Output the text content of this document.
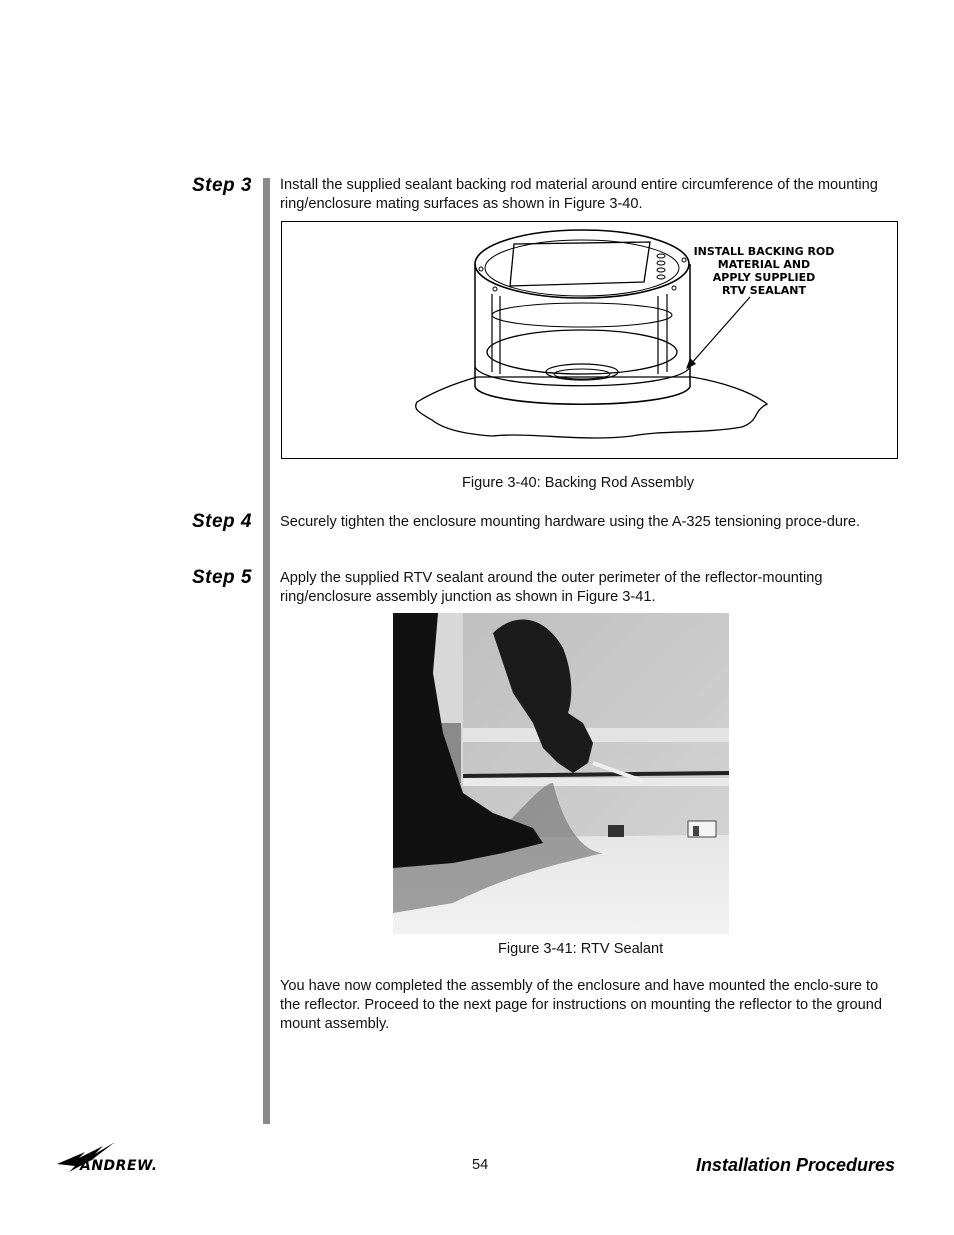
Step 3 Install the supplied sealant backing rod material around entire circumference of the mounting ring/enclosure mating surfaces as shown in Figure 3-40.
INSTALL BACKING ROD
MATERIAL AND
APPLY SUPPLIED
RTV SEALANT
Figure 3-40: Backing Rod Assembly
Step 4 Securely tighten the enclosure mounting hardware using the A-325 tensioning proce-dure.
Step 5 Apply the supplied RTV sealant around the outer perimeter of the reflector-mounting ring/enclosure assembly junction as shown in Figure 3-41.
Figure 3-41: RTV Sealant
You have now completed the assembly of the enclosure and have mounted the enclo-sure to the reflector. Proceed to the next page for instructions on mounting the reflector to the ground mount assembly.
ANDREW.	54	Installation Procedures
